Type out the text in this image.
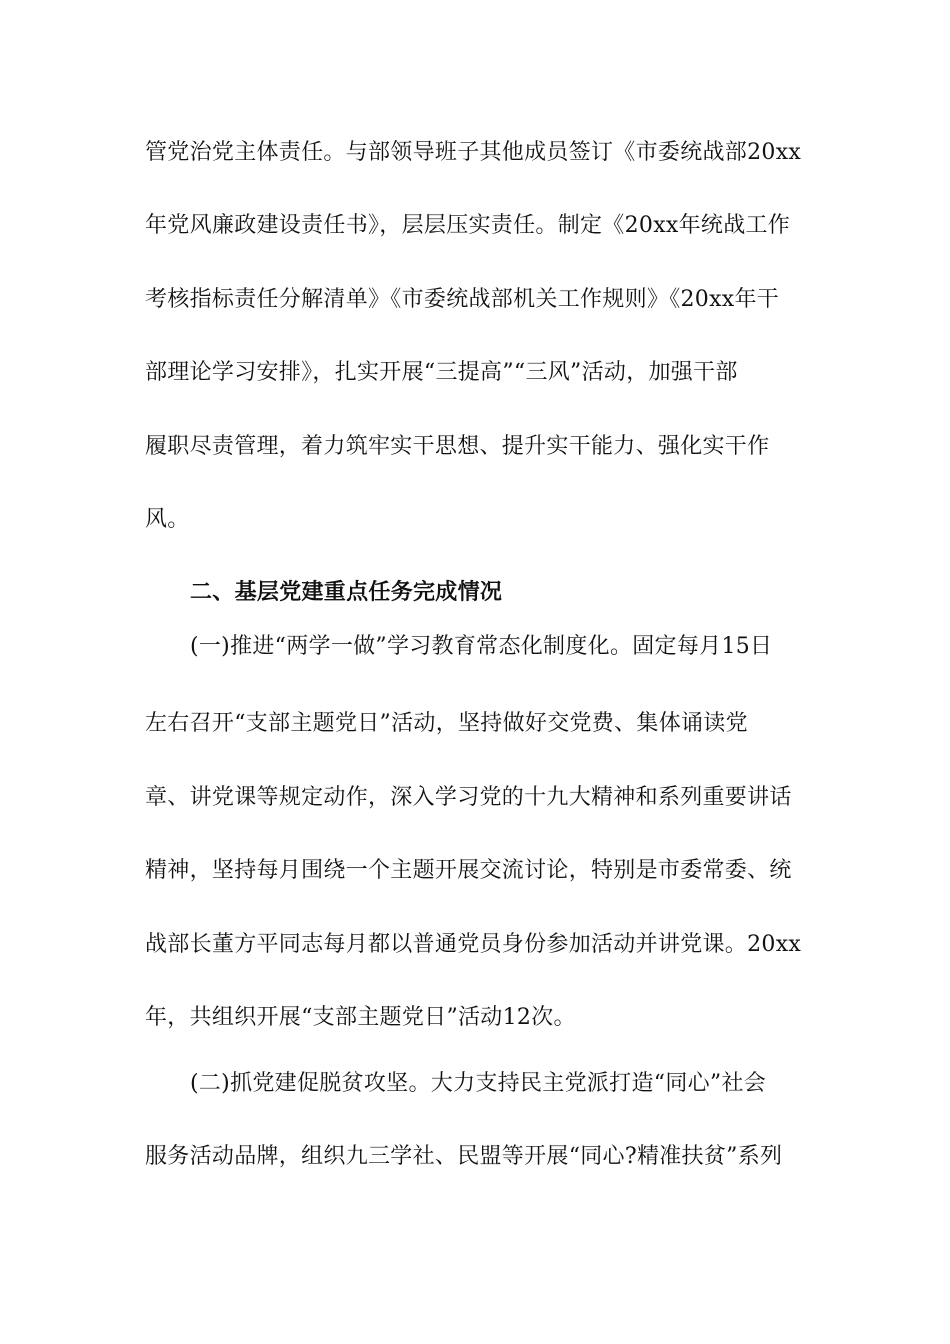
管党治党主体责任。与部领导班子其他成员签订《市委统战部20xx
年党风廉政建设责任书》，层层压实责任。制定《20xx年统战工作
考核指标责任分解清单》《市委统战部机关工作规则》《20xx年干
部理论学习安排》，扎实开展“三提高”“三风”活动，加强干部
履职尽责管理，着力筑牢实干思想、提升实干能力、强化实干作
风。
二、基层党建重点任务完成情况
(一)推进“两学一做”学习教育常态化制度化。固定每月15日
左右召开“支部主题党日”活动，坚持做好交党费、集体诵读党
章、讲党课等规定动作，深入学习党的十九大精神和系列重要讲话
精神，坚持每月围绕一个主题开展交流讨论，特别是市委常委、统
战部长董方平同志每月都以普通党员身份参加活动并讲党课。20xx
年，共组织开展“支部主题党日”活动12次。
(二)抓党建促脱贫攻坚。大力支持民主党派打造“同心”社会
服务活动品牌，组织九三学社、民盟等开展“同心?精准扶贫”系列
